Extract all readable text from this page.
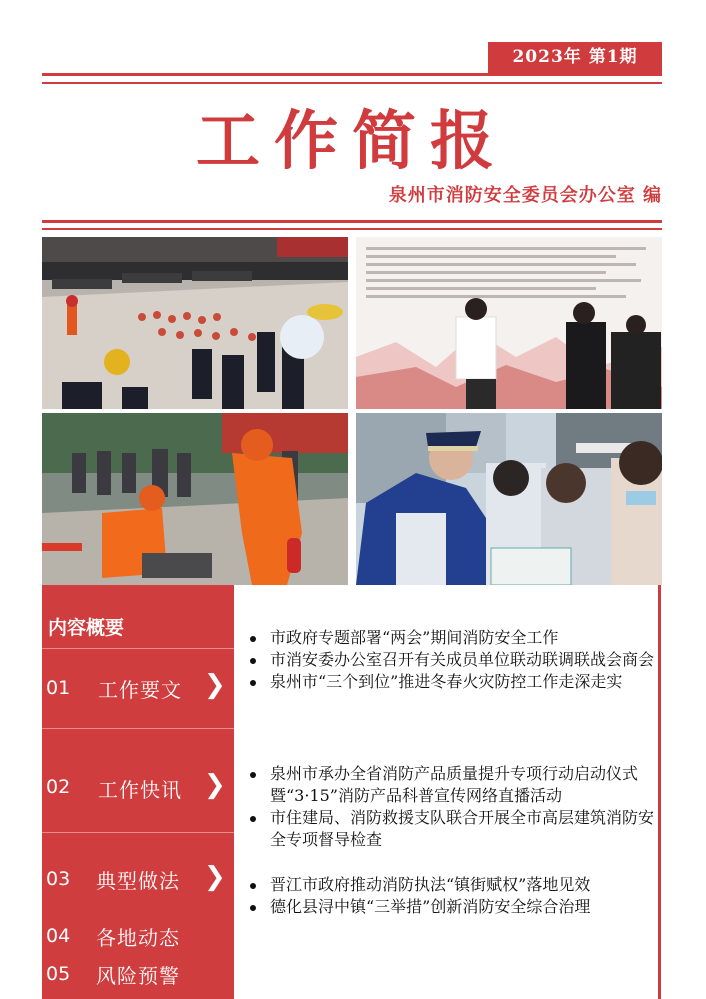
2023年 第1期
工作简报
泉州市消防安全委员会办公室 编
内容概要
01 工作要文 ❯
02 工作快讯 ❯
03 典型做法 ❯
04 各地动态
05 风险预警

市政府专题部署“两会”期间消防安全工作

市消安委办公室召开有关成员单位联动联调联战会商会

泉州市“三个到位”推进冬春火灾防控工作走深走实

泉州市承办全省消防产品质量提升专项行动启动仪式暨“3·15”消防产品科普宣传网络直播活动

市住建局、消防救援支队联合开展全市高层建筑消防安全专项督导检查

晋江市政府推动消防执法“镇街赋权”落地见效

德化县浔中镇“三举措”创新消防安全综合治理
